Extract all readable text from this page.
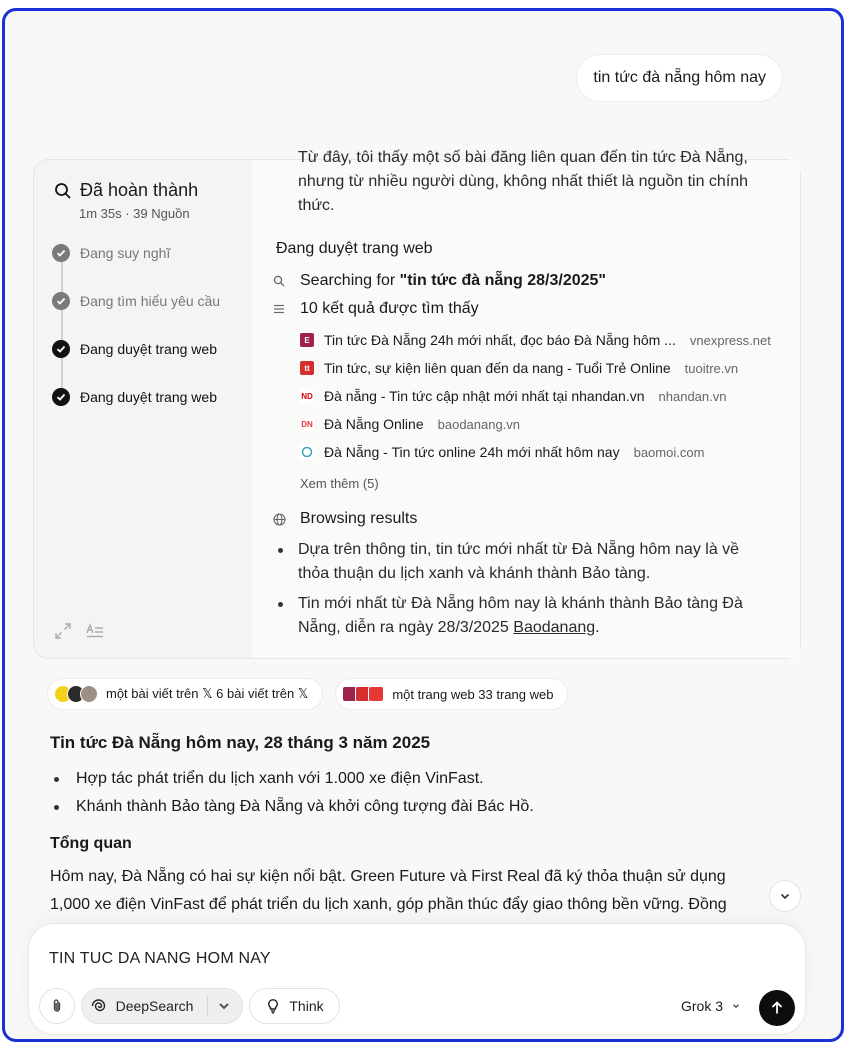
tin tức đà nẵng hôm nay
Đã hoàn thành
1m 35s · 39 Nguồn
Đang suy nghĩ
Đang tìm hiểu yêu cầu
Đang duyệt trang web
Đang duyệt trang web
Từ đây, tôi thấy một số bài đăng liên quan đến tin tức Đà Nẵng, nhưng từ nhiều người dùng, không nhất thiết là nguồn tin chính thức.
Đang duyệt trang web
Searching for "tin tức đà nẵng 28/3/2025"
10 kết quả được tìm thấy
E	Tin tức Đà Nẵng 24h mới nhất, đọc báo Đà Nẵng hôm ... vnexpress.net
tt	Tin tức, sự kiện liên quan đến da nang - Tuổi Trẻ Online tuoitre.vn
ND Đà nẵng - Tin tức cập nhật mới nhất tại nhandan.vn nhandan.vn
DN Đà Nẵng Online baodanang.vn
Đà Nẵng - Tin tức online 24h mới nhất hôm nay baomoi.com
Xem thêm (5)
Browsing results
Dựa trên thông tin, tin tức mới nhất từ Đà Nẵng hôm nay là về thỏa thuận du lịch xanh và khánh thành Bảo tàng.
Tin mới nhất từ Đà Nẵng hôm nay là khánh thành Bảo tàng Đà Nẵng, diễn ra ngày 28/3/2025 Baodanang.
một bài viết trên 𝕏 6 bài viết trên 𝕏	một trang web 33 trang web
Tin tức Đà Nẵng hôm nay, 28 tháng 3 năm 2025
Hợp tác phát triển du lịch xanh với 1.000 xe điện VinFast.
Khánh thành Bảo tàng Đà Nẵng và khởi công tượng đài Bác Hồ.
Tổng quan
Hôm nay, Đà Nẵng có hai sự kiện nổi bật. Green Future và First Real đã ký thỏa thuận sử dụng 1,000 xe điện VinFast để phát triển du lịch xanh, góp phần thúc đẩy giao thông bền vững. Đồng
TIN TUC DA NANG HOM NAY
DeepSearch	Think	Grok 3
